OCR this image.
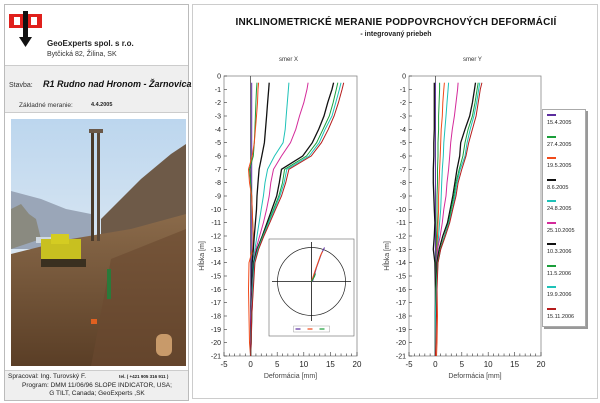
GeoExperts spol. s r.o.
Bytčická 82, Žilina, SK
Stavba: R1 Rudno nad Hronom - Žarnovica
Základné meranie:	4.4.2005
Spracoval: Ing. Turovský F.	tel. ( +421 905 316 911 )
Program: DMM 11/06/96 SLOPE INDICATOR, USA;
G TILT, Canada; GeoExperts ,SK
INKLINOMETRICKÉ MERANIE PODPOVRCHOVÝCH DEFORMÁCIÍ
- integrovaný priebeh
smer X	smer Y
0
-1
-2
-3
-4
-5
-6
-7
-8
-9
-10
-11
-12
-13
-14
-15
-16
-17
-18
-19
-20
-21
-5	0	5 10 15 20
Deformácia [mm]
Hĺbka [m]
0
-1
-2
-3
-4
-5
-6
-7
-8
-9
-10
-11
-12
-13
-14
-15
-16
-17
-18
-19
-20
-21
-5	0	5 10 15 20
Deformácia [mm]
Hĺbka [m]
15.4.2005
27.4.2005
19.5.2005
8.6.2005
24.8.2005
25.10.2005
10.3.2006
11.5.2006
19.9.2006
15.11.2006
